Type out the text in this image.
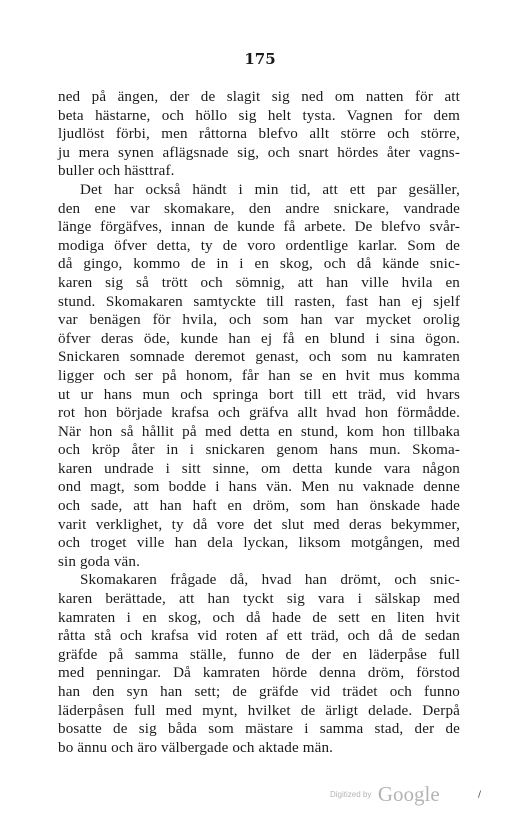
175

ned på ängen, der de slagit sig ned om natten för att
beta hästarne, och höllo sig helt tysta. Vagnen for dem
ljudlöst förbi, men råttorna blefvo allt större och större,
ju mera synen aflägsnade sig, och snart hördes åter vagns-
buller och hästtraf.
Det har också händt i min tid, att ett par gesäller,
den ene var skomakare, den andre snickare, vandrade
länge förgäfves, innan de kunde få arbete. De blefvo svår-
modiga öfver detta, ty de voro ordentlige karlar. Som de
då gingo, kommo de in i en skog, och då kände snic-
karen sig så trött och sömnig, att han ville hvila en
stund. Skomakaren samtyckte till rasten, fast han ej sjelf
var benägen för hvila, och som han var mycket orolig
öfver deras öde, kunde han ej få en blund i sina ögon.
Snickaren somnade deremot genast, och som nu kamraten
ligger och ser på honom, får han se en hvit mus komma
ut ur hans mun och springa bort till ett träd, vid hvars
rot hon började krafsa och gräfva allt hvad hon förmådde.
När hon så hållit på med detta en stund, kom hon tillbaka
och kröp åter in i snickaren genom hans mun. Skoma-
karen undrade i sitt sinne, om detta kunde vara någon
ond magt, som bodde i hans vän. Men nu vaknade denne
och sade, att han haft en dröm, som han önskade hade
varit verklighet, ty då vore det slut med deras bekymmer,
och troget ville han dela lyckan, liksom motgången, med
sin goda vän.
Skomakaren frågade då, hvad han drömt, och snic-
karen berättade, att han tyckt sig vara i sälskap med
kamraten i en skog, och då hade de sett en liten hvit
råtta stå och krafsa vid roten af ett träd, och då de sedan
gräfde på samma ställe, funno de der en läderpåse full
med penningar. Då kamraten hörde denna dröm, förstod
han den syn han sett; de gräfde vid trädet och funno
läderpåsen full med mynt, hvilket de ärligt delade. Derpå
bosatte de sig båda som mästare i samma stad, der de
bo ännu och äro välbergade och aktade män.
Digitized by Google	/
